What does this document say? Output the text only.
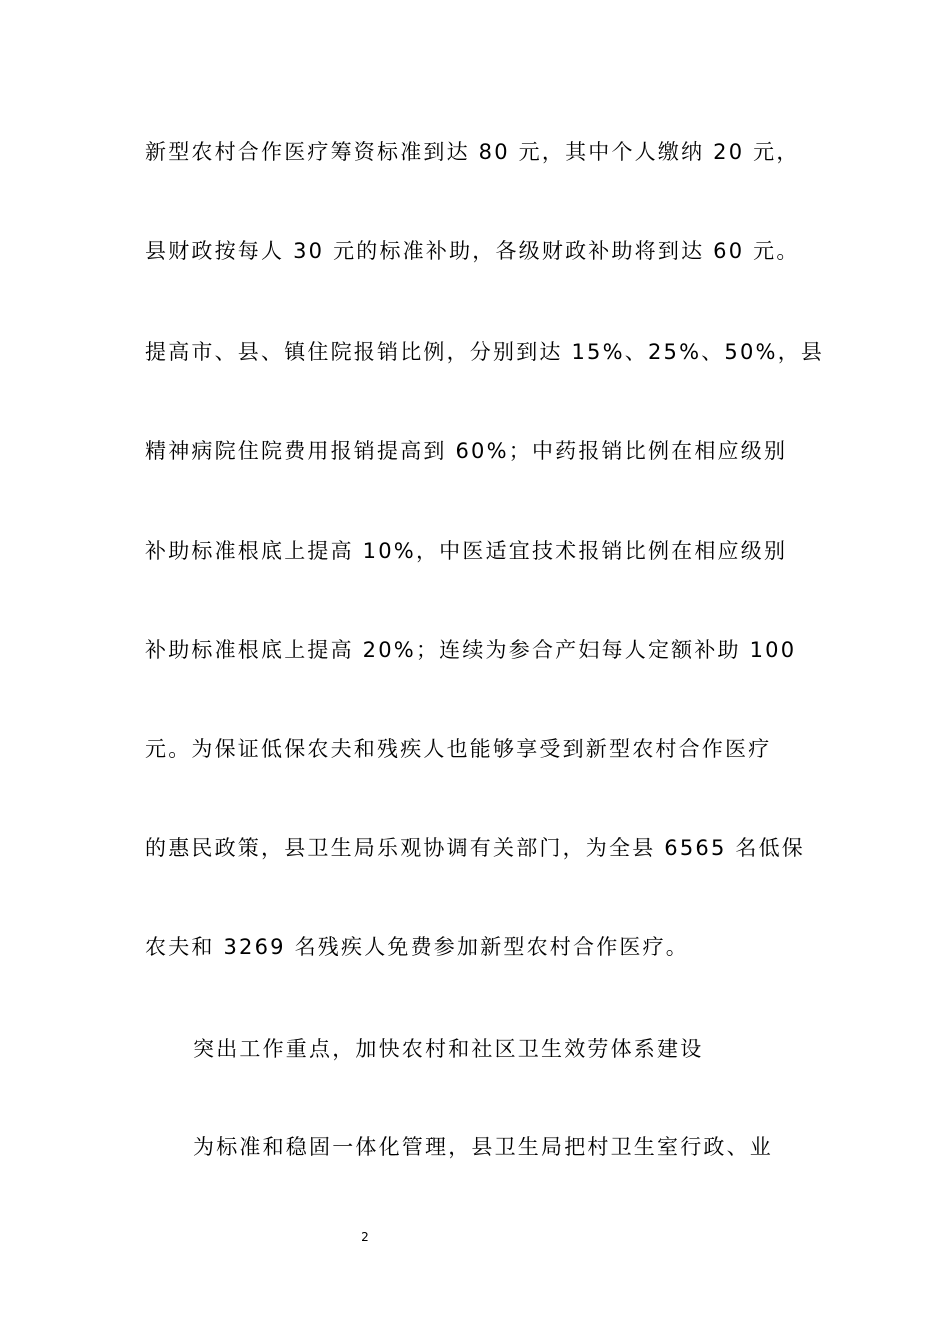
新型农村合作医疗筹资标准到达 80 元，其中个人缴纳 20 元，
县财政按每人 30 元的标准补助，各级财政补助将到达 60 元。
提高市、县、镇住院报销比例，分别到达 15%、25%、50%，县
精神病院住院费用报销提高到 60%；中药报销比例在相应级别
补助标准根底上提高 10%，中医适宜技术报销比例在相应级别
补助标准根底上提高 20%；连续为参合产妇每人定额补助 100
元。为保证低保农夫和残疾人也能够享受到新型农村合作医疗
的惠民政策，县卫生局乐观协调有关部门，为全县 6565 名低保
农夫和 3269 名残疾人免费参加新型农村合作医疗。
突出工作重点，加快农村和社区卫生效劳体系建设
为标准和稳固一体化管理，县卫生局把村卫生室行政、业
2
